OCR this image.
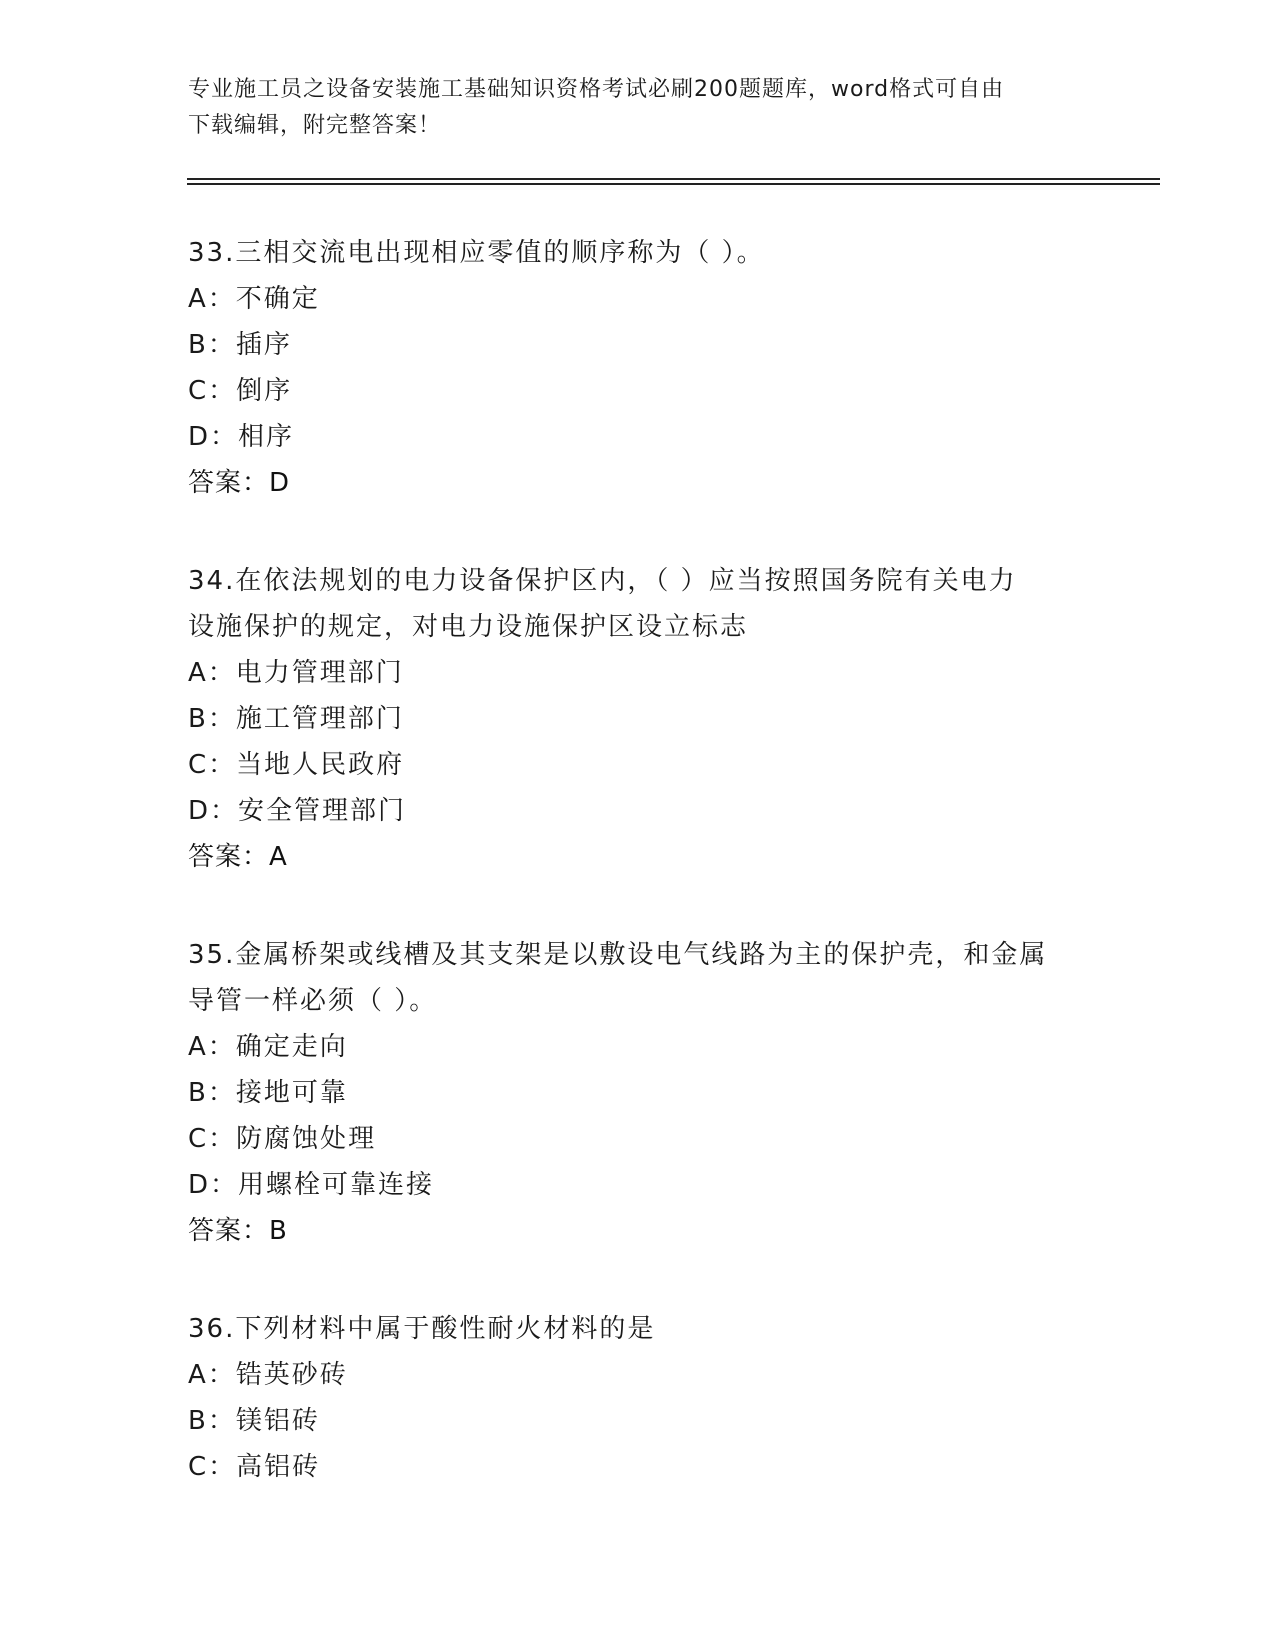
专业施工员之设备安装施工基础知识资格考试必刷200题题库，word格式可自由
下载编辑，附完整答案！
33.三相交流电出现相应零值的顺序称为（ ）。
A：不确定
B：插序
C：倒序
D：相序
答案：D
34.在依法规划的电力设备保护区内，（ ）应当按照国务院有关电力
设施保护的规定，对电力设施保护区设立标志
A：电力管理部门
B：施工管理部门
C：当地人民政府
D：安全管理部门
答案：A
35.金属桥架或线槽及其支架是以敷设电气线路为主的保护壳，和金属
导管一样必须（ ）。
A：确定走向
B：接地可靠
C：防腐蚀处理
D：用螺栓可靠连接
答案：B
36.下列材料中属于酸性耐火材料的是
A：锆英砂砖
B：镁铝砖
C：高铝砖
